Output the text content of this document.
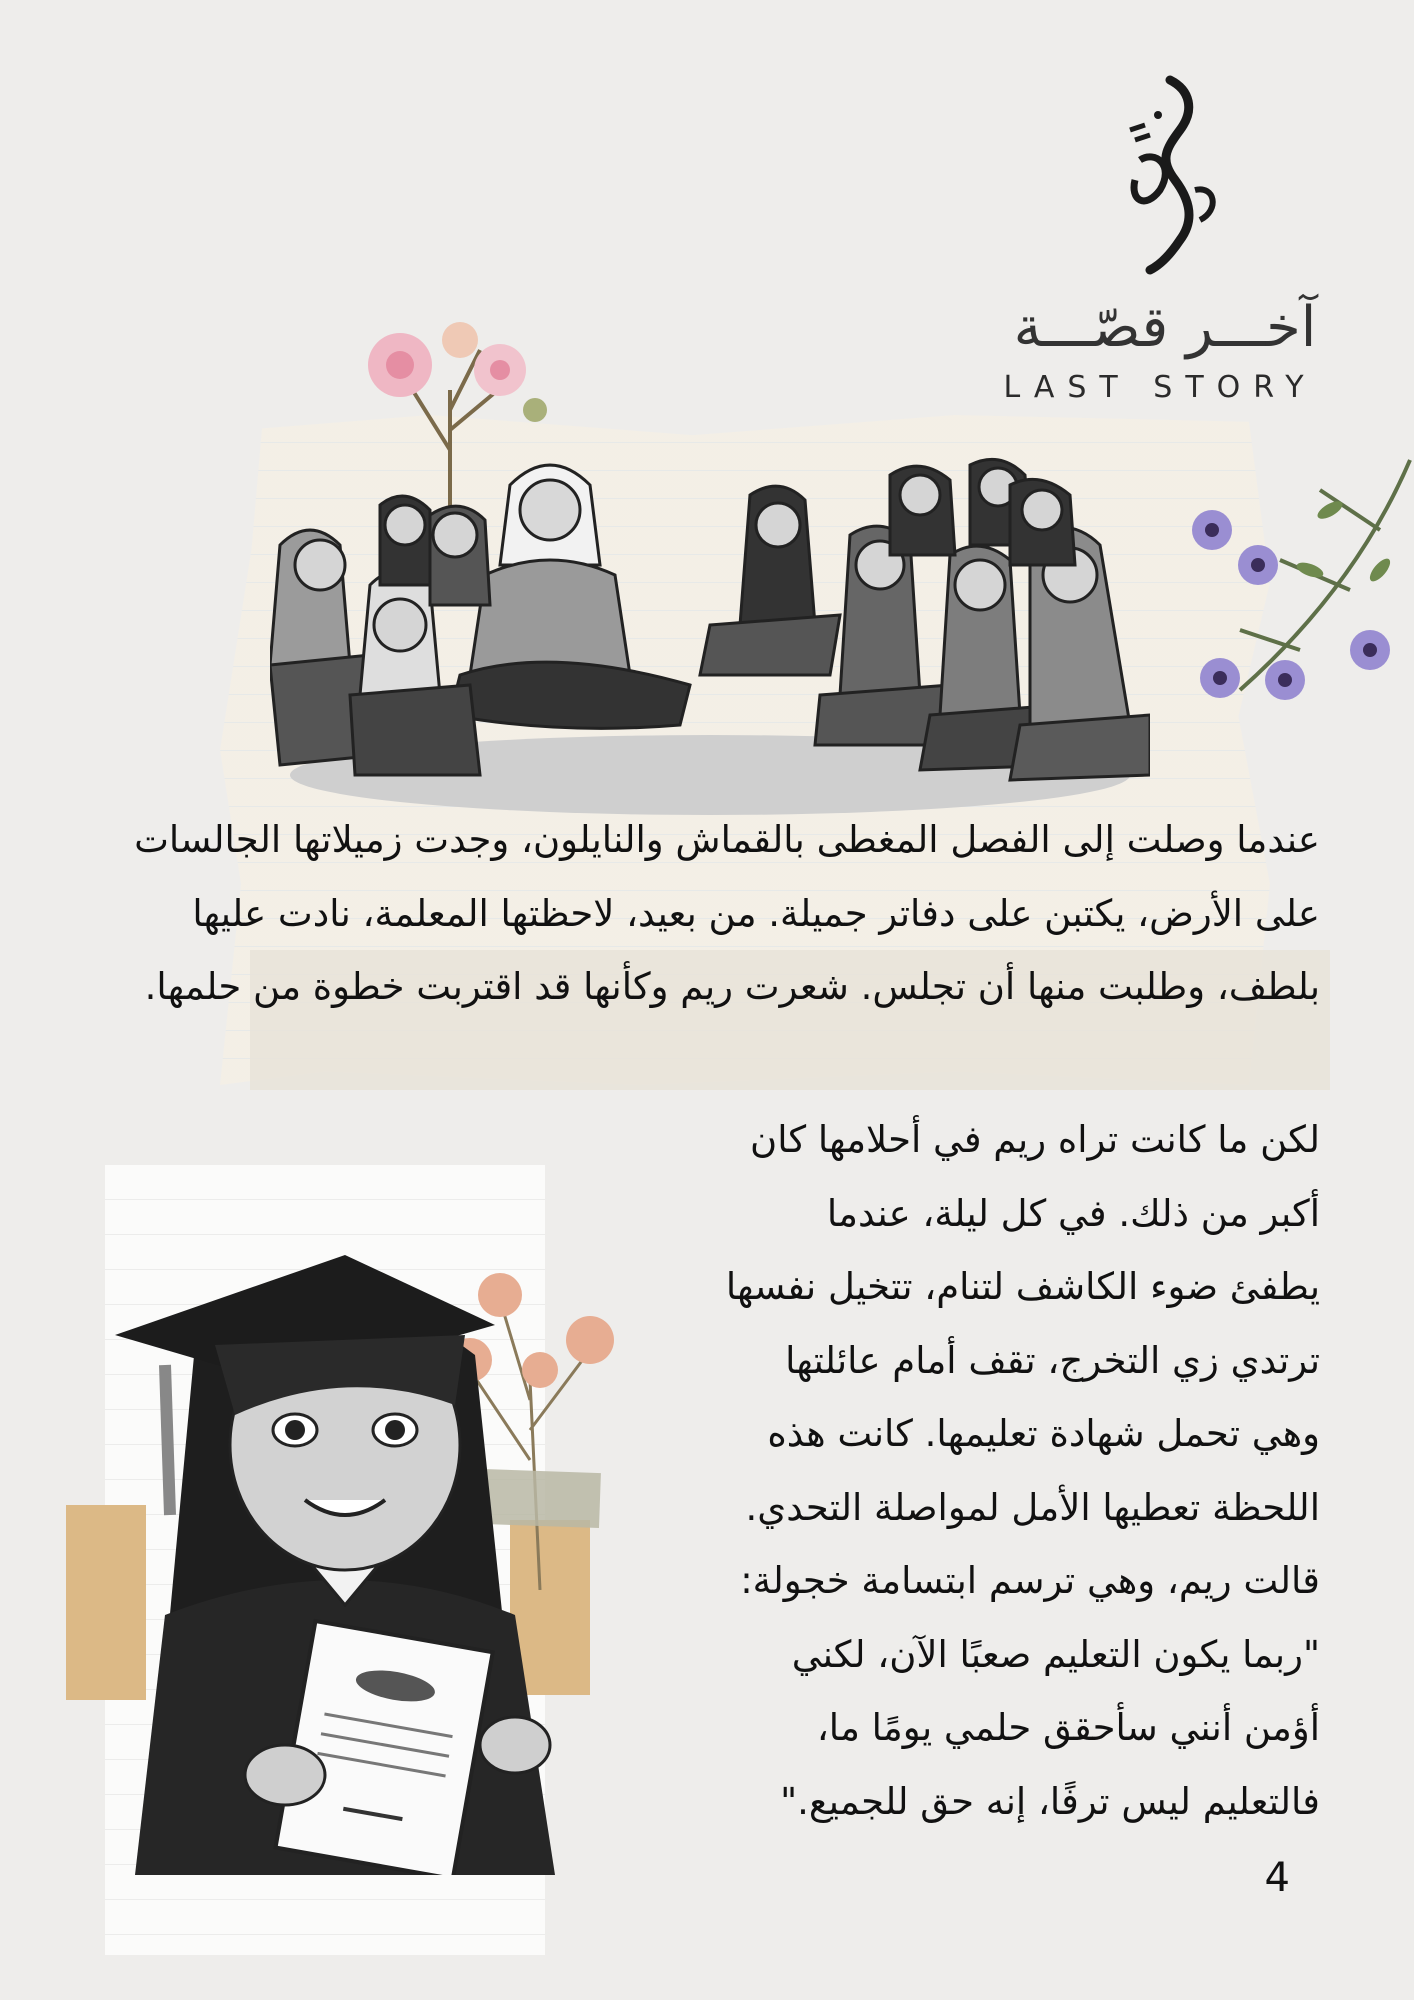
آخـــر قصّـــة
LAST STORY
عندما وصلت إلى الفصل المغطى بالقماش والنايلون، وجدت زميلاتها الجالسات على الأرض، يكتبن على دفاتر جميلة. من بعيد، لاحظتها المعلمة، نادت عليها بلطف، وطلبت منها أن تجلس. شعرت ريم وكأنها قد اقتربت خطوة من حلمها.
لكن ما كانت تراه ريم في أحلامها كان
أكبر من ذلك. في كل ليلة، عندما
يطفئ ضوء الكاشف لتنام، تتخيل نفسها
ترتدي زي التخرج، تقف أمام عائلتها
وهي تحمل شهادة تعليمها. كانت هذه
اللحظة تعطيها الأمل لمواصلة التحدي.
قالت ريم، وهي ترسم ابتسامة خجولة:
"ربما يكون التعليم صعبًا الآن، لكني
أؤمن أنني سأحقق حلمي يومًا ما،
فالتعليم ليس ترفًا، إنه حق للجميع."
4
